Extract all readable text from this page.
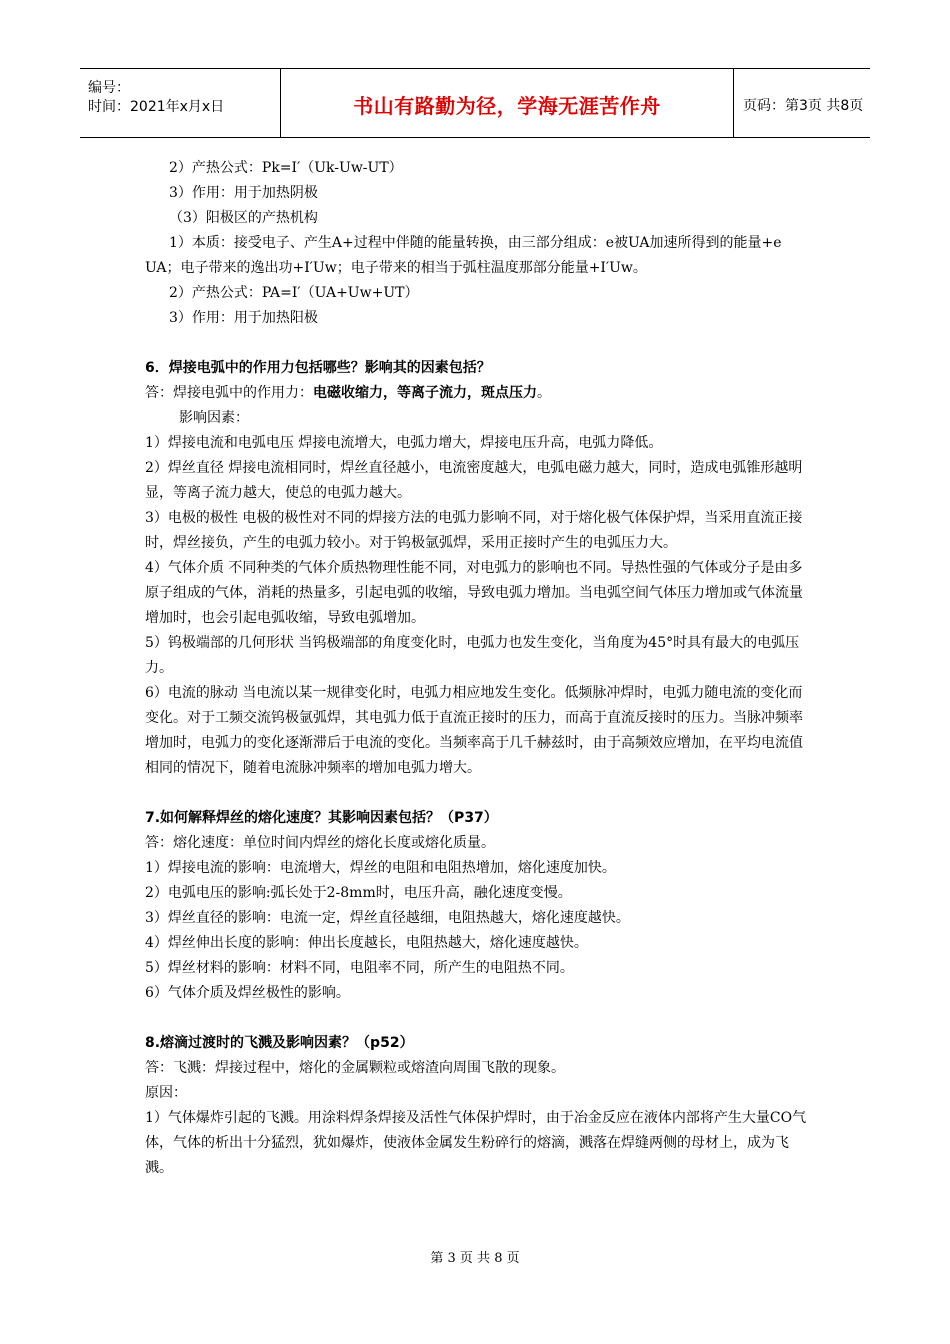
编号：
时间：2021年x月x日	书山有路勤为径，学海无涯苦作舟	页码：第3页 共8页

2）产热公式：Pk=I′（Uk-Uw-UT）

3）作用：用于加热阴极

（3）阳极区的产热机构

1）本质：接受电子、产生A+过程中伴随的能量转换，由三部分组成：e被UA加速所得到的能量+e UA；电子带来的逸出功+I′Uw；电子带来的相当于弧柱温度那部分能量+I′Uw。

2）产热公式：PA=I′（UA+Uw+UT）

3）作用：用于加热阳极

6．焊接电弧中的作用力包括哪些？影响其的因素包括？

答：焊接电弧中的作用力：电磁收缩力，等离子流力，斑点压力。

影响因素：

1）焊接电流和电弧电压 焊接电流增大，电弧力增大，焊接电压升高，电弧力降低。

2）焊丝直径 焊接电流相同时，焊丝直径越小，电流密度越大，电弧电磁力越大，同时，造成电弧锥形越明显，等离子流力越大，使总的电弧力越大。

3）电极的极性 电极的极性对不同的焊接方法的电弧力影响不同，对于熔化极气体保护焊，当采用直流正接时，焊丝接负，产生的电弧力较小。对于钨极氩弧焊，采用正接时产生的电弧压力大。

4）气体介质 不同种类的气体介质热物理性能不同，对电弧力的影响也不同。导热性强的气体或分子是由多原子组成的气体，消耗的热量多，引起电弧的收缩，导致电弧力增加。当电弧空间气体压力增加或气体流量增加时，也会引起电弧收缩，导致电弧增加。

5）钨极端部的几何形状 当钨极端部的角度变化时，电弧力也发生变化，当角度为45°时具有最大的电弧压力。

6）电流的脉动 当电流以某一规律变化时，电弧力相应地发生变化。低频脉冲焊时，电弧力随电流的变化而变化。对于工频交流钨极氩弧焊，其电弧力低于直流正接时的压力，而高于直流反接时的压力。当脉冲频率增加时，电弧力的变化逐渐滞后于电流的变化。当频率高于几千赫兹时，由于高频效应增加，在平均电流值相同的情况下，随着电流脉冲频率的增加电弧力增大。

7.如何解释焊丝的熔化速度？其影响因素包括？（P37）

答：熔化速度：单位时间内焊丝的熔化长度或熔化质量。

1）焊接电流的影响：电流增大，焊丝的电阻和电阻热增加，熔化速度加快。

2）电弧电压的影响:弧长处于2-8mm时，电压升高，融化速度变慢。

3）焊丝直径的影响：电流一定，焊丝直径越细，电阻热越大，熔化速度越快。

4）焊丝伸出长度的影响：伸出长度越长，电阻热越大，熔化速度越快。

5）焊丝材料的影响：材料不同，电阻率不同，所产生的电阻热不同。

6）气体介质及焊丝极性的影响。

8.熔滴过渡时的飞溅及影响因素？（p52）

答：飞溅：焊接过程中，熔化的金属颗粒或熔渣向周围飞散的现象。

原因：

1）气体爆炸引起的飞溅。用涂料焊条焊接及活性气体保护焊时，由于冶金反应在液体内部将产生大量CO气体，气体的析出十分猛烈，犹如爆炸，使液体金属发生粉碎行的熔滴，溅落在焊缝两侧的母材上，成为飞溅。

第 3 页 共 8 页
